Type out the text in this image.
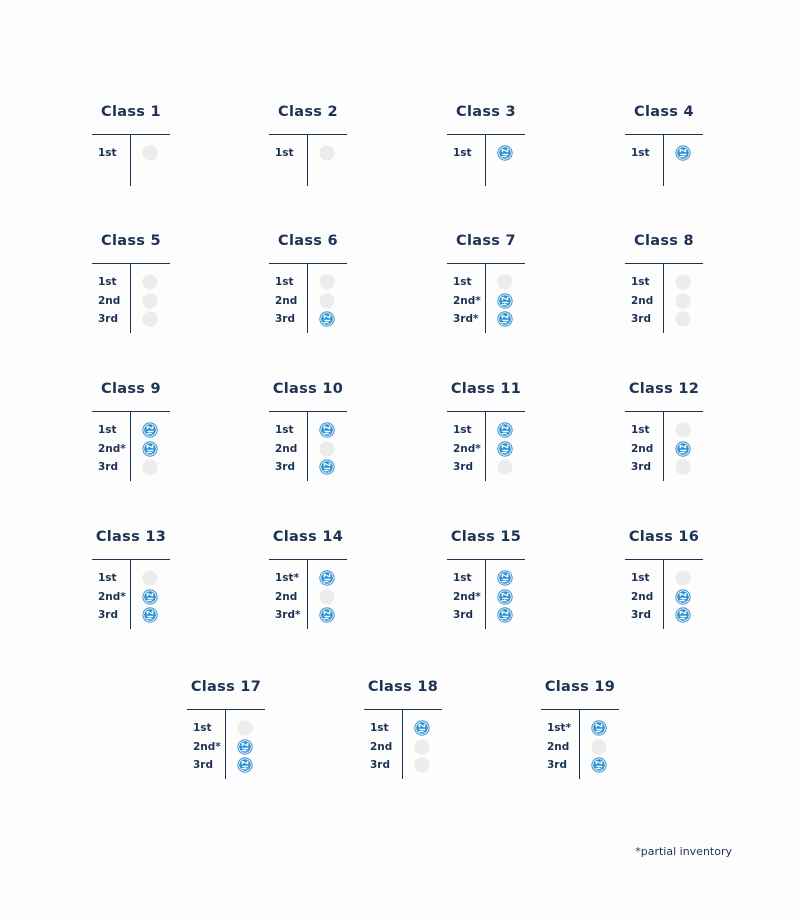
Class 1
1st
Class 2
1st
Class 3
1st
Class 4
1st
Class 5
1st
2nd
3rd
Class 6
1st
2nd
3rd
Class 7
1st
2nd*
3rd*
Class 8
1st
2nd
3rd
Class 9
1st
2nd*
3rd
Class 10
1st
2nd
3rd
Class 11
1st
2nd*
3rd
Class 12
1st
2nd
3rd
Class 13
1st
2nd*
3rd
Class 14
1st*
2nd
3rd*
Class 15
1st
2nd*
3rd
Class 16
1st
2nd
3rd
Class 17
1st
2nd*
3rd
Class 18
1st
2nd
3rd
Class 19
1st*
2nd
3rd
*partial inventory
